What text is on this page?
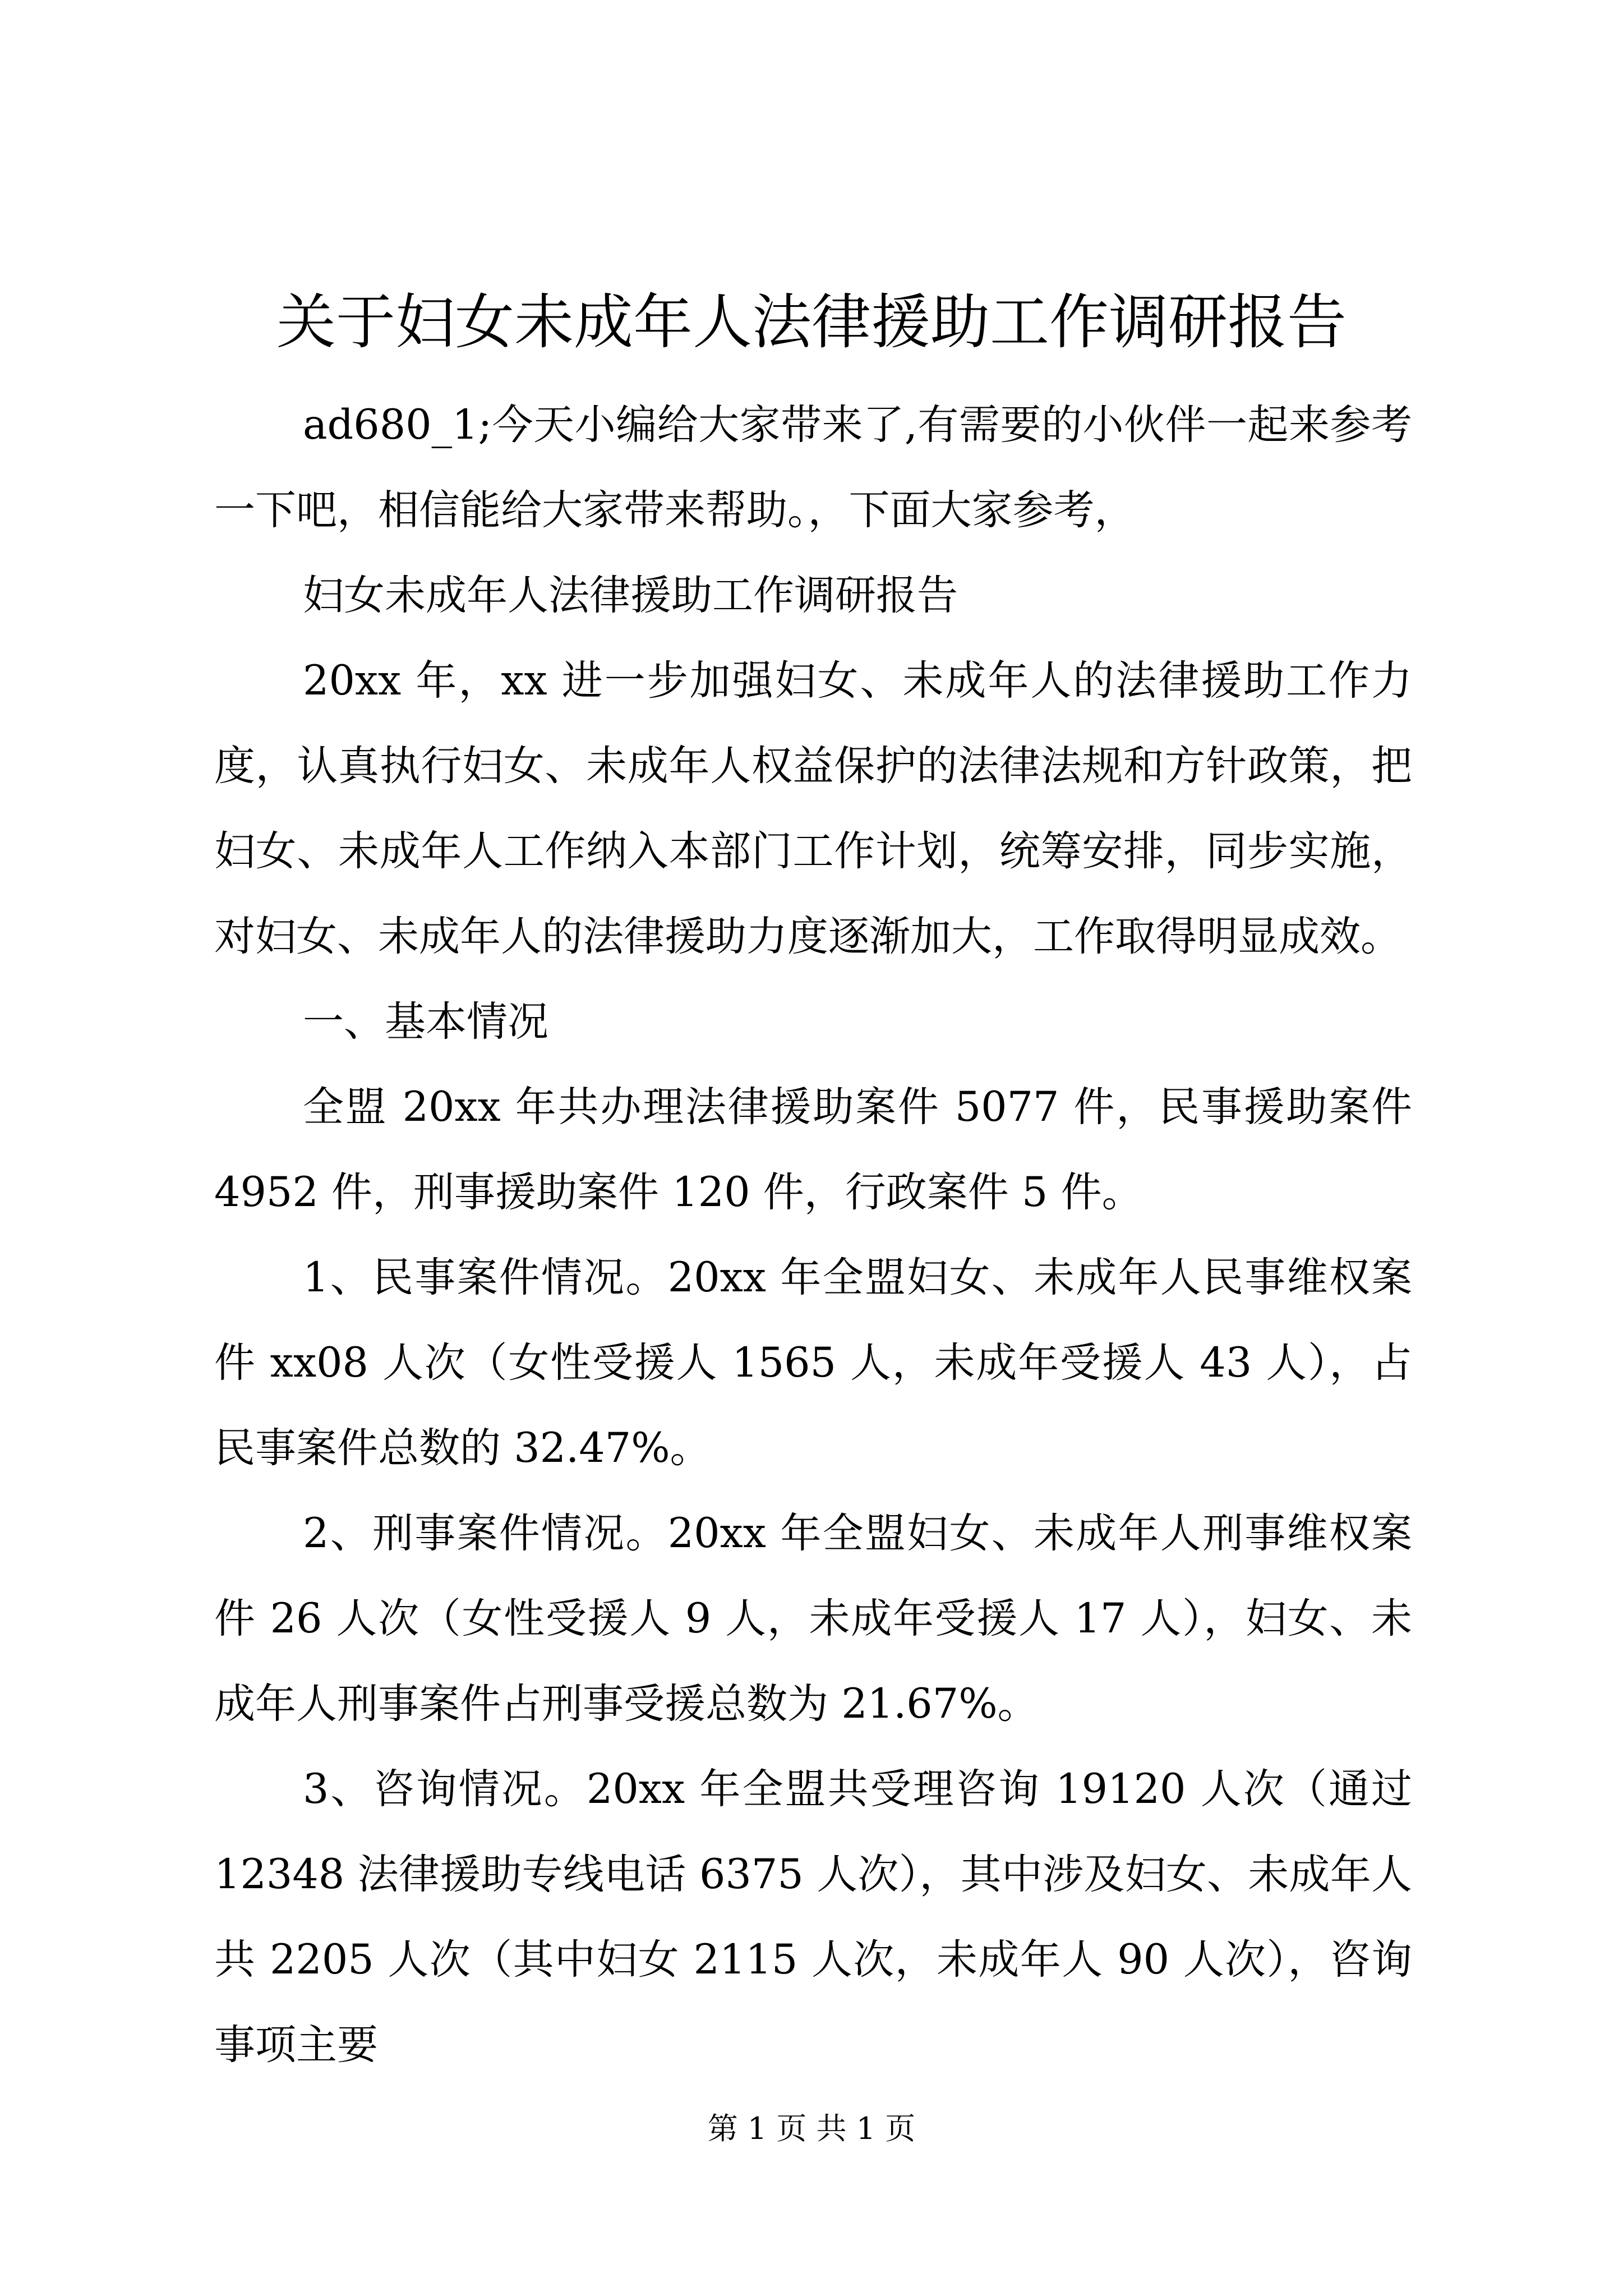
关于妇女未成年人法律援助工作调研报告

ad680_1;今天小编给大家带来了,有需要的小伙伴一起来参考一下吧，相信能给大家带来帮助。，下面大家参考，

妇女未成年人法律援助工作调研报告

20xx 年，xx 进一步加强妇女、未成年人的法律援助工作力度，认真执行妇女、未成年人权益保护的法律法规和方针政策，把妇女、未成年人工作纳入本部门工作计划，统筹安排，同步实施，对妇女、未成年人的法律援助力度逐渐加大，工作取得明显成效。

一、基本情况

全盟 20xx 年共办理法律援助案件 5077 件，民事援助案件 4952 件，刑事援助案件 120 件，行政案件 5 件。

1、民事案件情况。20xx 年全盟妇女、未成年人民事维权案件 xx08 人次（女性受援人 1565 人，未成年受援人 43 人），占民事案件总数的 32.47%。

2、刑事案件情况。20xx 年全盟妇女、未成年人刑事维权案件 26 人次（女性受援人 9 人，未成年受援人 17 人），妇女、未成年人刑事案件占刑事受援总数为 21.67%。

3、咨询情况。20xx 年全盟共受理咨询 19120 人次（通过 12348 法律援助专线电话 6375 人次），其中涉及妇女、未成年人共 2205 人次（其中妇女 2115 人次，未成年人 90 人次），咨询事项主要

第 1 页 共 1 页
